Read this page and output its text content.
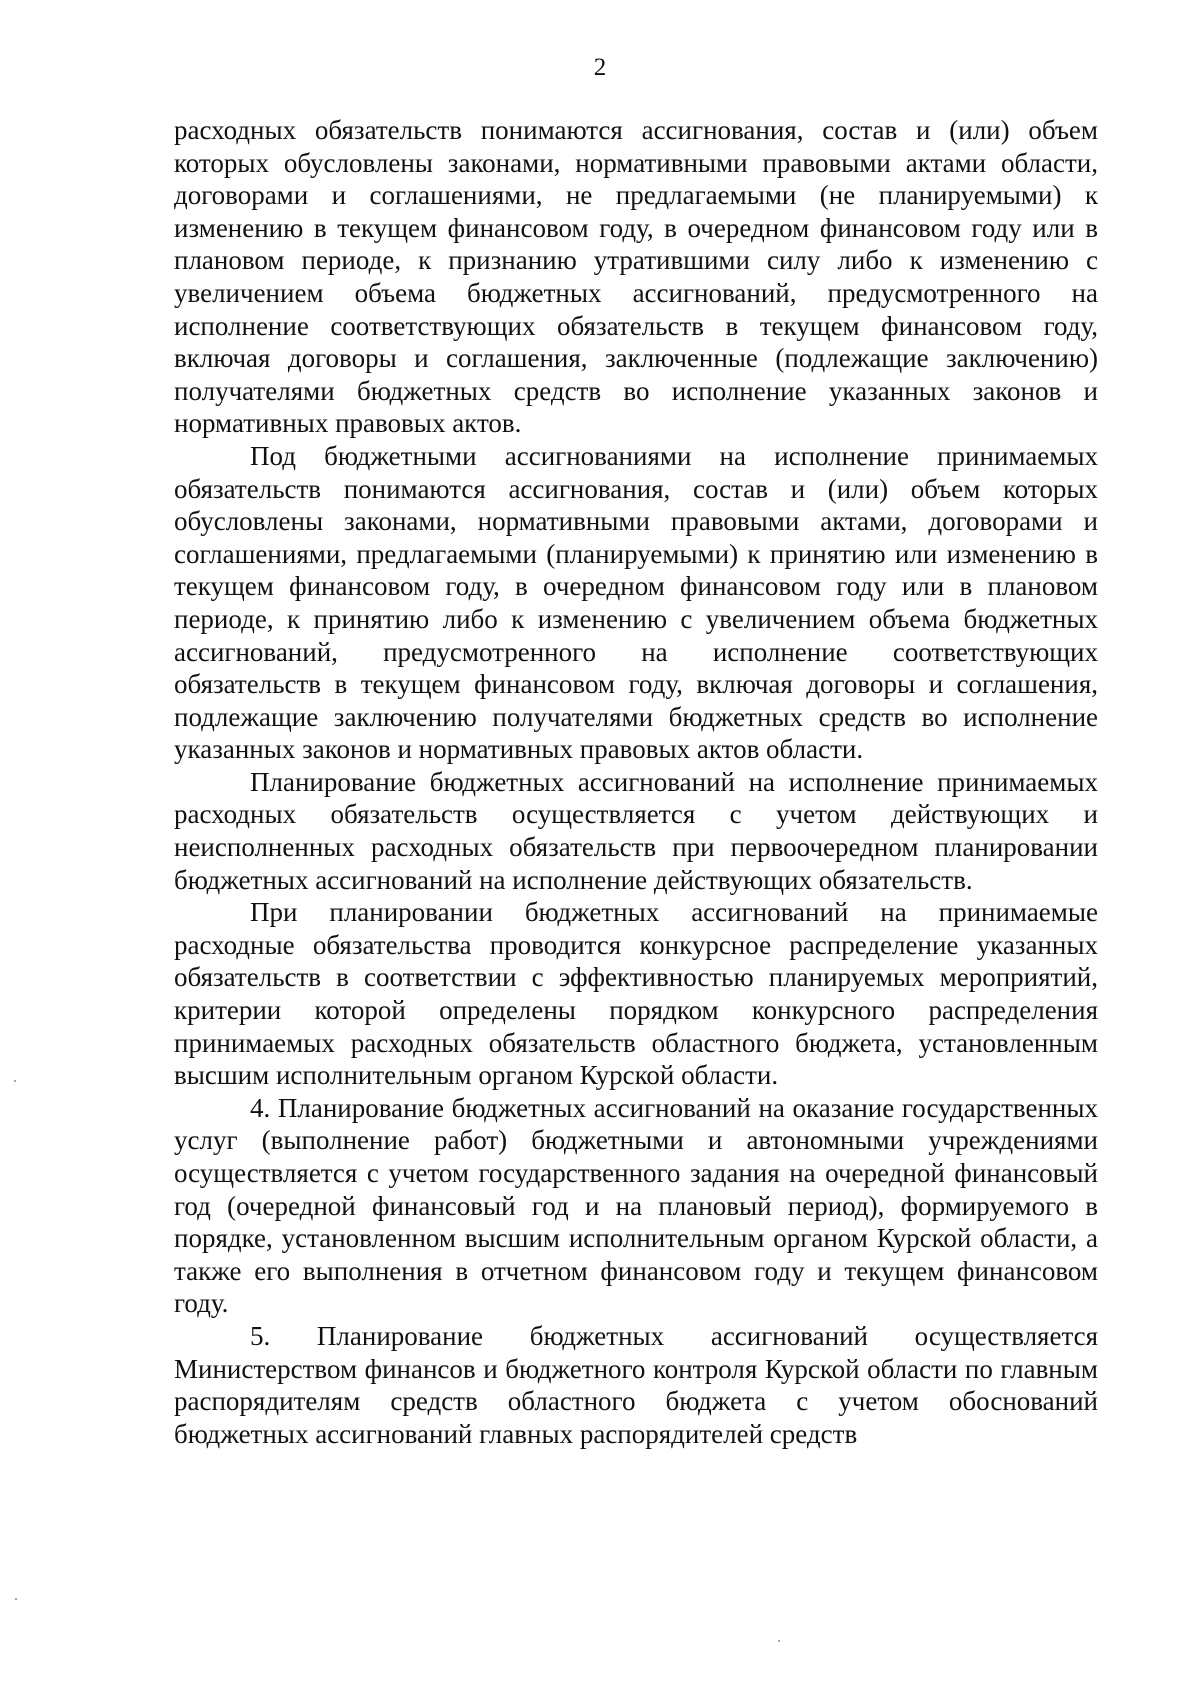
2

расходных обязательств понимаются ассигнования, состав и (или) объем которых обусловлены законами, нормативными правовыми актами области, договорами и соглашениями, не предлагаемыми (не планируемыми) к изменению в текущем финансовом году, в очередном финансовом году или в плановом периоде, к признанию утратившими силу либо к изменению с увеличением объема бюджетных ассигнований, предусмотренного на исполнение соответствующих обязательств в текущем финансовом году, включая договоры и соглашения, заключенные (подлежащие заключению) получателями бюджетных средств во исполнение указанных законов и нормативных правовых актов.

Под бюджетными ассигнованиями на исполнение принимаемых обязательств понимаются ассигнования, состав и (или) объем которых обусловлены законами, нормативными правовыми актами, договорами и соглашениями, предлагаемыми (планируемыми) к принятию или изменению в текущем финансовом году, в очередном финансовом году или в плановом периоде, к принятию либо к изменению с увеличением объема бюджетных ассигнований, предусмотренного на исполнение соответствующих обязательств в текущем финансовом году, включая договоры и соглашения, подлежащие заключению получателями бюджетных средств во исполнение указанных законов и нормативных правовых актов области.

Планирование бюджетных ассигнований на исполнение принимаемых расходных обязательств осуществляется с учетом действующих и неисполненных расходных обязательств при первоочередном планировании бюджетных ассигнований на исполнение действующих обязательств.

При планировании бюджетных ассигнований на принимаемые расходные обязательства проводится конкурсное распределение указанных обязательств в соответствии с эффективностью планируемых мероприятий, критерии которой определены порядком конкурсного распределения принимаемых расходных обязательств областного бюджета, установленным высшим исполнительным органом Курской области.

4. Планирование бюджетных ассигнований на оказание государственных услуг (выполнение работ) бюджетными и автономными учреждениями осуществляется с учетом государственного задания на очередной финансовый год (очередной финансовый год и на плановый период), формируемого в порядке, установленном высшим исполнительным органом Курской области, а также его выполнения в отчетном финансовом году и текущем финансовом году.

5. Планирование бюджетных ассигнований осуществляется Министерством финансов и бюджетного контроля Курской области по главным распорядителям средств областного бюджета с учетом обоснований бюджетных ассигнований главных распорядителей средств
